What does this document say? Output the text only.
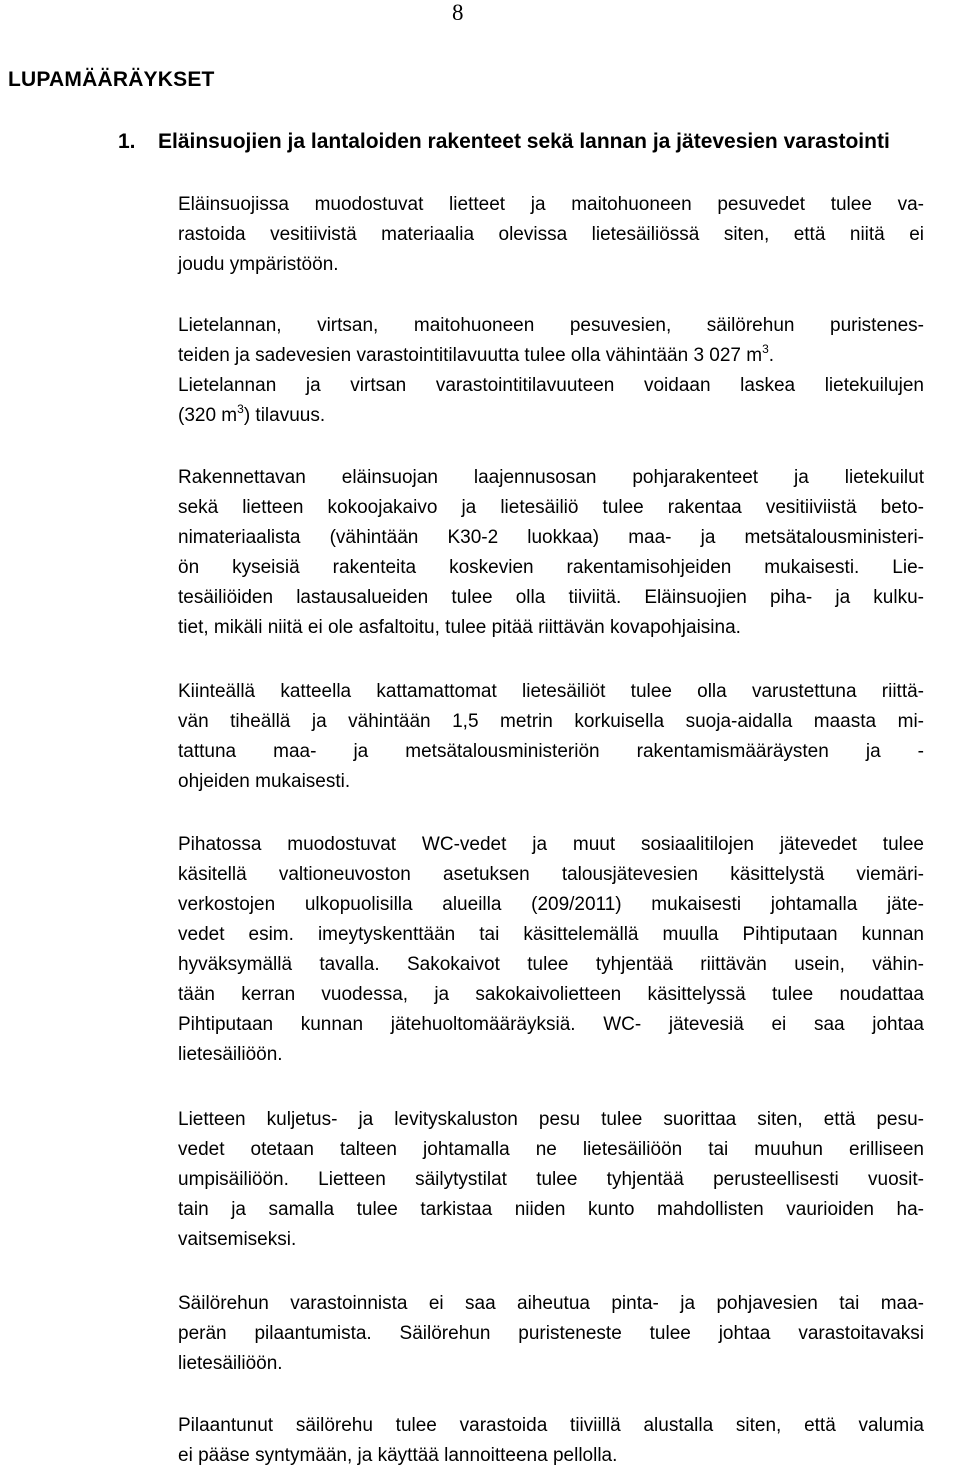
8
LUPAMÄÄRÄYKSET
1. Eläinsuojien ja lantaloiden rakenteet sekä lannan ja jätevesien varastointi
Eläinsuojissa muodostuvat lietteet ja maitohuoneen pesuvedet tulee va-
rastoida vesitiivistä materiaalia olevissa lietesäiliössä siten, että niitä ei
joudu ympäristöön.
Lietelannan, virtsan, maitohuoneen pesuvesien, säilörehun puristenes-
teiden ja sadevesien varastointitilavuutta tulee olla vähintään 3 027 $m^3$.
Lietelannan ja virtsan varastointitilavuuteen voidaan laskea lietekuilujen
(320 $m^3$) tilavuus.
Rakennettavan eläinsuojan laajennusosan pohjarakenteet ja lietekuilut
sekä lietteen kokoojakaivo ja lietesäiliö tulee rakentaa vesitiiviistä beto-
nimateriaalista (vähintään K30-2 luokkaa) maa- ja metsätalousministeri-
ön kyseisiä rakenteita koskevien rakentamisohjeiden mukaisesti. Lie-
tesäiliöiden lastausalueiden tulee olla tiiviitä. Eläinsuojien piha- ja kulku-
tiet, mikäli niitä ei ole asfaltoitu, tulee pitää riittävän kovapohjaisina.
Kiinteällä katteella kattamattomat lietesäiliöt tulee olla varustettuna riittä-
vän tiheällä ja vähintään 1,5 metrin korkuisella suoja-aidalla maasta mi-
tattuna maa- ja metsätalousministeriön rakentamismääräysten ja -
ohjeiden mukaisesti.
Pihatossa muodostuvat WC-vedet ja muut sosiaalitilojen jätevedet tulee
käsitellä valtioneuvoston asetuksen talousjätevesien käsittelystä viemäri-
verkostojen ulkopuolisilla alueilla (209/2011) mukaisesti johtamalla jäte-
vedet esim. imeytyskenttään tai käsittelemällä muulla Pihtiputaan kunnan
hyväksymällä tavalla. Sakokaivot tulee tyhjentää riittävän usein, vähin-
tään kerran vuodessa, ja sakokaivolietteen käsittelyssä tulee noudattaa
Pihtiputaan kunnan jätehuoltomääräyksiä. WC- jätevesiä ei saa johtaa
lietesäiliöön.
Lietteen kuljetus- ja levityskaluston pesu tulee suorittaa siten, että pesu-
vedet otetaan talteen johtamalla ne lietesäiliöön tai muuhun erilliseen
umpisäiliöön. Lietteen säilytystilat tulee tyhjentää perusteellisesti vuosit-
tain ja samalla tulee tarkistaa niiden kunto mahdollisten vaurioiden ha-
vaitsemiseksi.
Säilörehun varastoinnista ei saa aiheutua pinta- ja pohjavesien tai maa-
perän pilaantumista. Säilörehun puristeneste tulee johtaa varastoitavaksi
lietesäiliöön.
Pilaantunut säilörehu tulee varastoida tiiviillä alustalla siten, että valumia
ei pääse syntymään, ja käyttää lannoitteena pellolla.
